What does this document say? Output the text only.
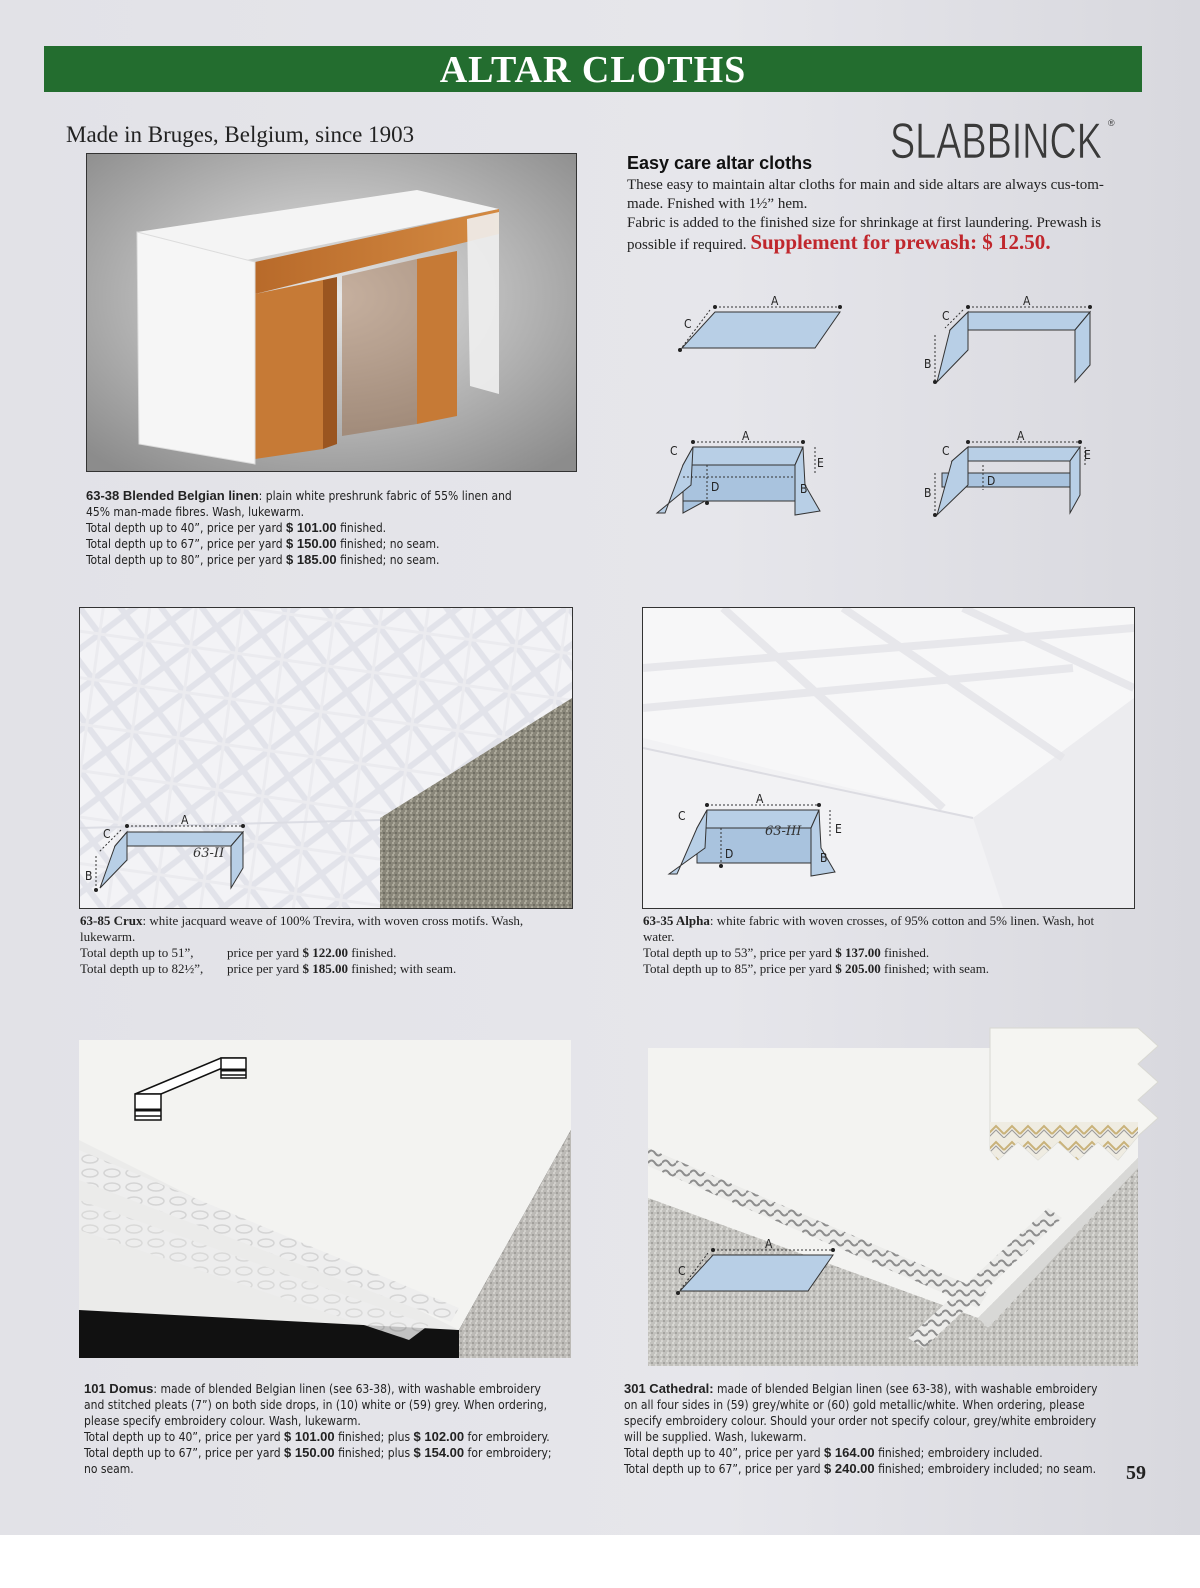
ALTAR CLOTHS
Made in Bruges, Belgium, since 1903	SLABBINCK ®
63-38 Blended Belgian linen: plain white preshrunk fabric of 55% linen and 45% man-made fibres. Wash, lukewarm.
Total depth up to 40”, price per yard $ 101.00 finished.
Total depth up to 67”, price per yard $ 150.00 finished; no seam.
Total depth up to 80”, price per yard $ 185.00 finished; no seam.
Easy care altar cloths
These easy to maintain altar cloths for main and side altars are always cus-tom-made. Fnished with 1½” hem.
Fabric is added to the finished size for shrinkage at first laundering. Prewash is possible if required. Supplement for prewash: $ 12.50.
A
C
A
C
B
A
C
D
E
B
A
C
D
E
B
A
C
B
63-II
63-85 Crux: white jacquard weave of 100% Trevira, with woven cross motifs. Wash, lukewarm.
Total depth up to 51”,	price per yard $ 122.00 finished.
Total depth up to 82½”, price per yard $ 185.00 finished; with seam.
A
C
D
E
B
63-III
63-35 Alpha: white fabric with woven crosses, of 95% cotton and 5% linen. Wash, hot water.
Total depth up to 53”, price per yard $ 137.00 finished.
Total depth up to 85”, price per yard $ 205.00 finished; with seam.
101 Domus: made of blended Belgian linen (see 63-38), with washable embroidery and stitched pleats (7”) on both side drops, in (10) white or (59) grey. When ordering, please specify embroidery colour. Wash, lukewarm.
Total depth up to 40”, price per yard $ 101.00 finished; plus $ 102.00 for embroidery.
Total depth up to 67”, price per yard $ 150.00 finished; plus $ 154.00 for embroidery; no seam.
A
C
301 Cathedral: made of blended Belgian linen (see 63-38), with washable embroidery on all four sides in (59) grey/white or (60) gold metallic/white. When ordering, please specify embroidery colour. Should your order not specify colour, grey/white embroidery will be supplied. Wash, lukewarm.
Total depth up to 40”, price per yard $ 164.00 finished; embroidery included.
Total depth up to 67”, price per yard $ 240.00 finished; embroidery included; no seam.	59
